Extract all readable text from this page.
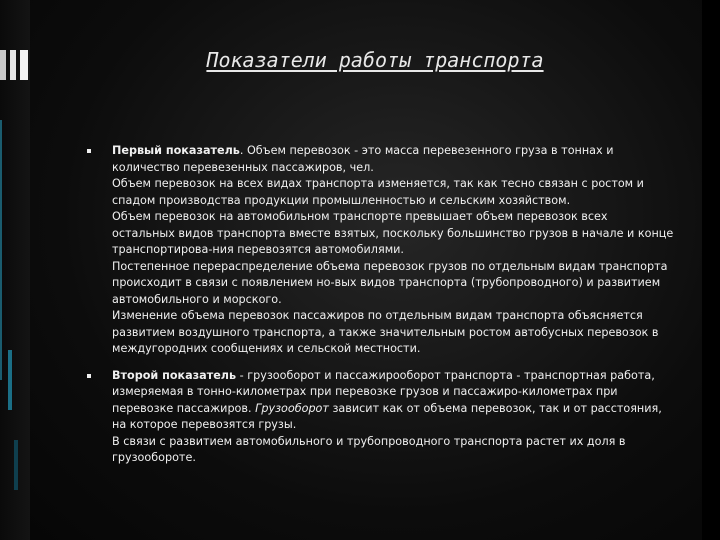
Показатели работы транспорта
Первый показатель. Объем перевозок - это масса перевезенного груза в тоннах и
количество перевезенных пассажиров, чел.
Объем перевозок на всех видах транспорта изменяется, так как тесно связан с ростом и
спадом производства продукции промышленностью и сельским хозяйством.
Объем перевозок на автомобильном транспорте превышает объем перевозок всех
остальных видов транспорта вместе взятых, поскольку большинство грузов в начале и конце
транспортирова-ния перевозятся автомобилями.
Постепенное перераспределение объема перевозок грузов по отдельным видам транспорта
происходит в связи с появлением но-вых видов транспорта (трубопроводного) и развитием
автомобильного и морского.
Изменение объема перевозок пассажиров по отдельным видам транспорта объясняется
развитием воздушного транспорта, а также значительным ростом автобусных перевозок в
междугородних сообщениях и сельской местности.
Второй показатель - грузооборот и пассажирооборот транспорта - транспортная работа,
измеряемая в тонно-километрах при перевозке грузов и пассажиро-километрах при
перевозке пассажиров. Грузооборот зависит как от объема перевозок, так и от расстояния,
на которое перевозятся грузы.
В связи с развитием автомобильного и трубопроводного транспорта растет их доля в
грузообороте.
